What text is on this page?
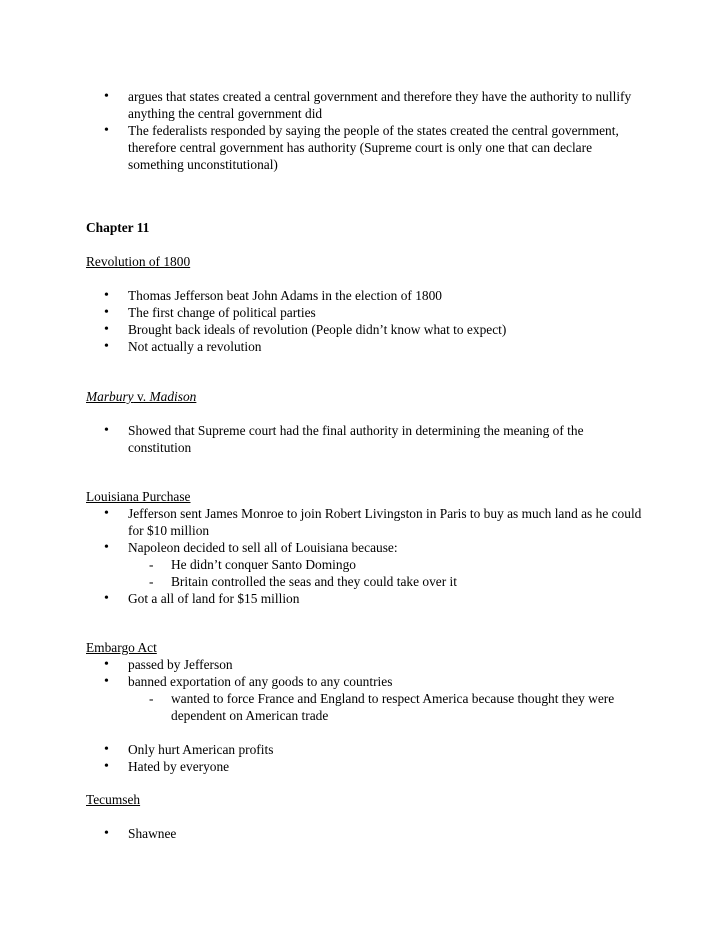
• argues that states created a central government and therefore they have the authority to nullify anything the central government did
• The federalists responded by saying the people of the states created the central government, therefore central government has authority (Supreme court is only one that can declare something unconstitutional)
Chapter 11
Revolution of 1800
• Thomas Jefferson beat John Adams in the election of 1800
• The first change of political parties
• Brought back ideals of revolution (People didn’t know what to expect)
• Not actually a revolution
Marbury v. Madison
• Showed that Supreme court had the final authority in determining the meaning of the constitution
Louisiana Purchase
• Jefferson sent James Monroe to join Robert Livingston in Paris to buy as much land as he could for $10 million
• Napoleon decided to sell all of Louisiana because:
- He didn’t conquer Santo Domingo
- Britain controlled the seas and they could take over it
• Got a all of land for $15 million
Embargo Act
• passed by Jefferson
• banned exportation of any goods to any countries
- wanted to force France and England to respect America because thought they were dependent on American trade
• Only hurt American profits
• Hated by everyone
Tecumseh
• Shawnee
